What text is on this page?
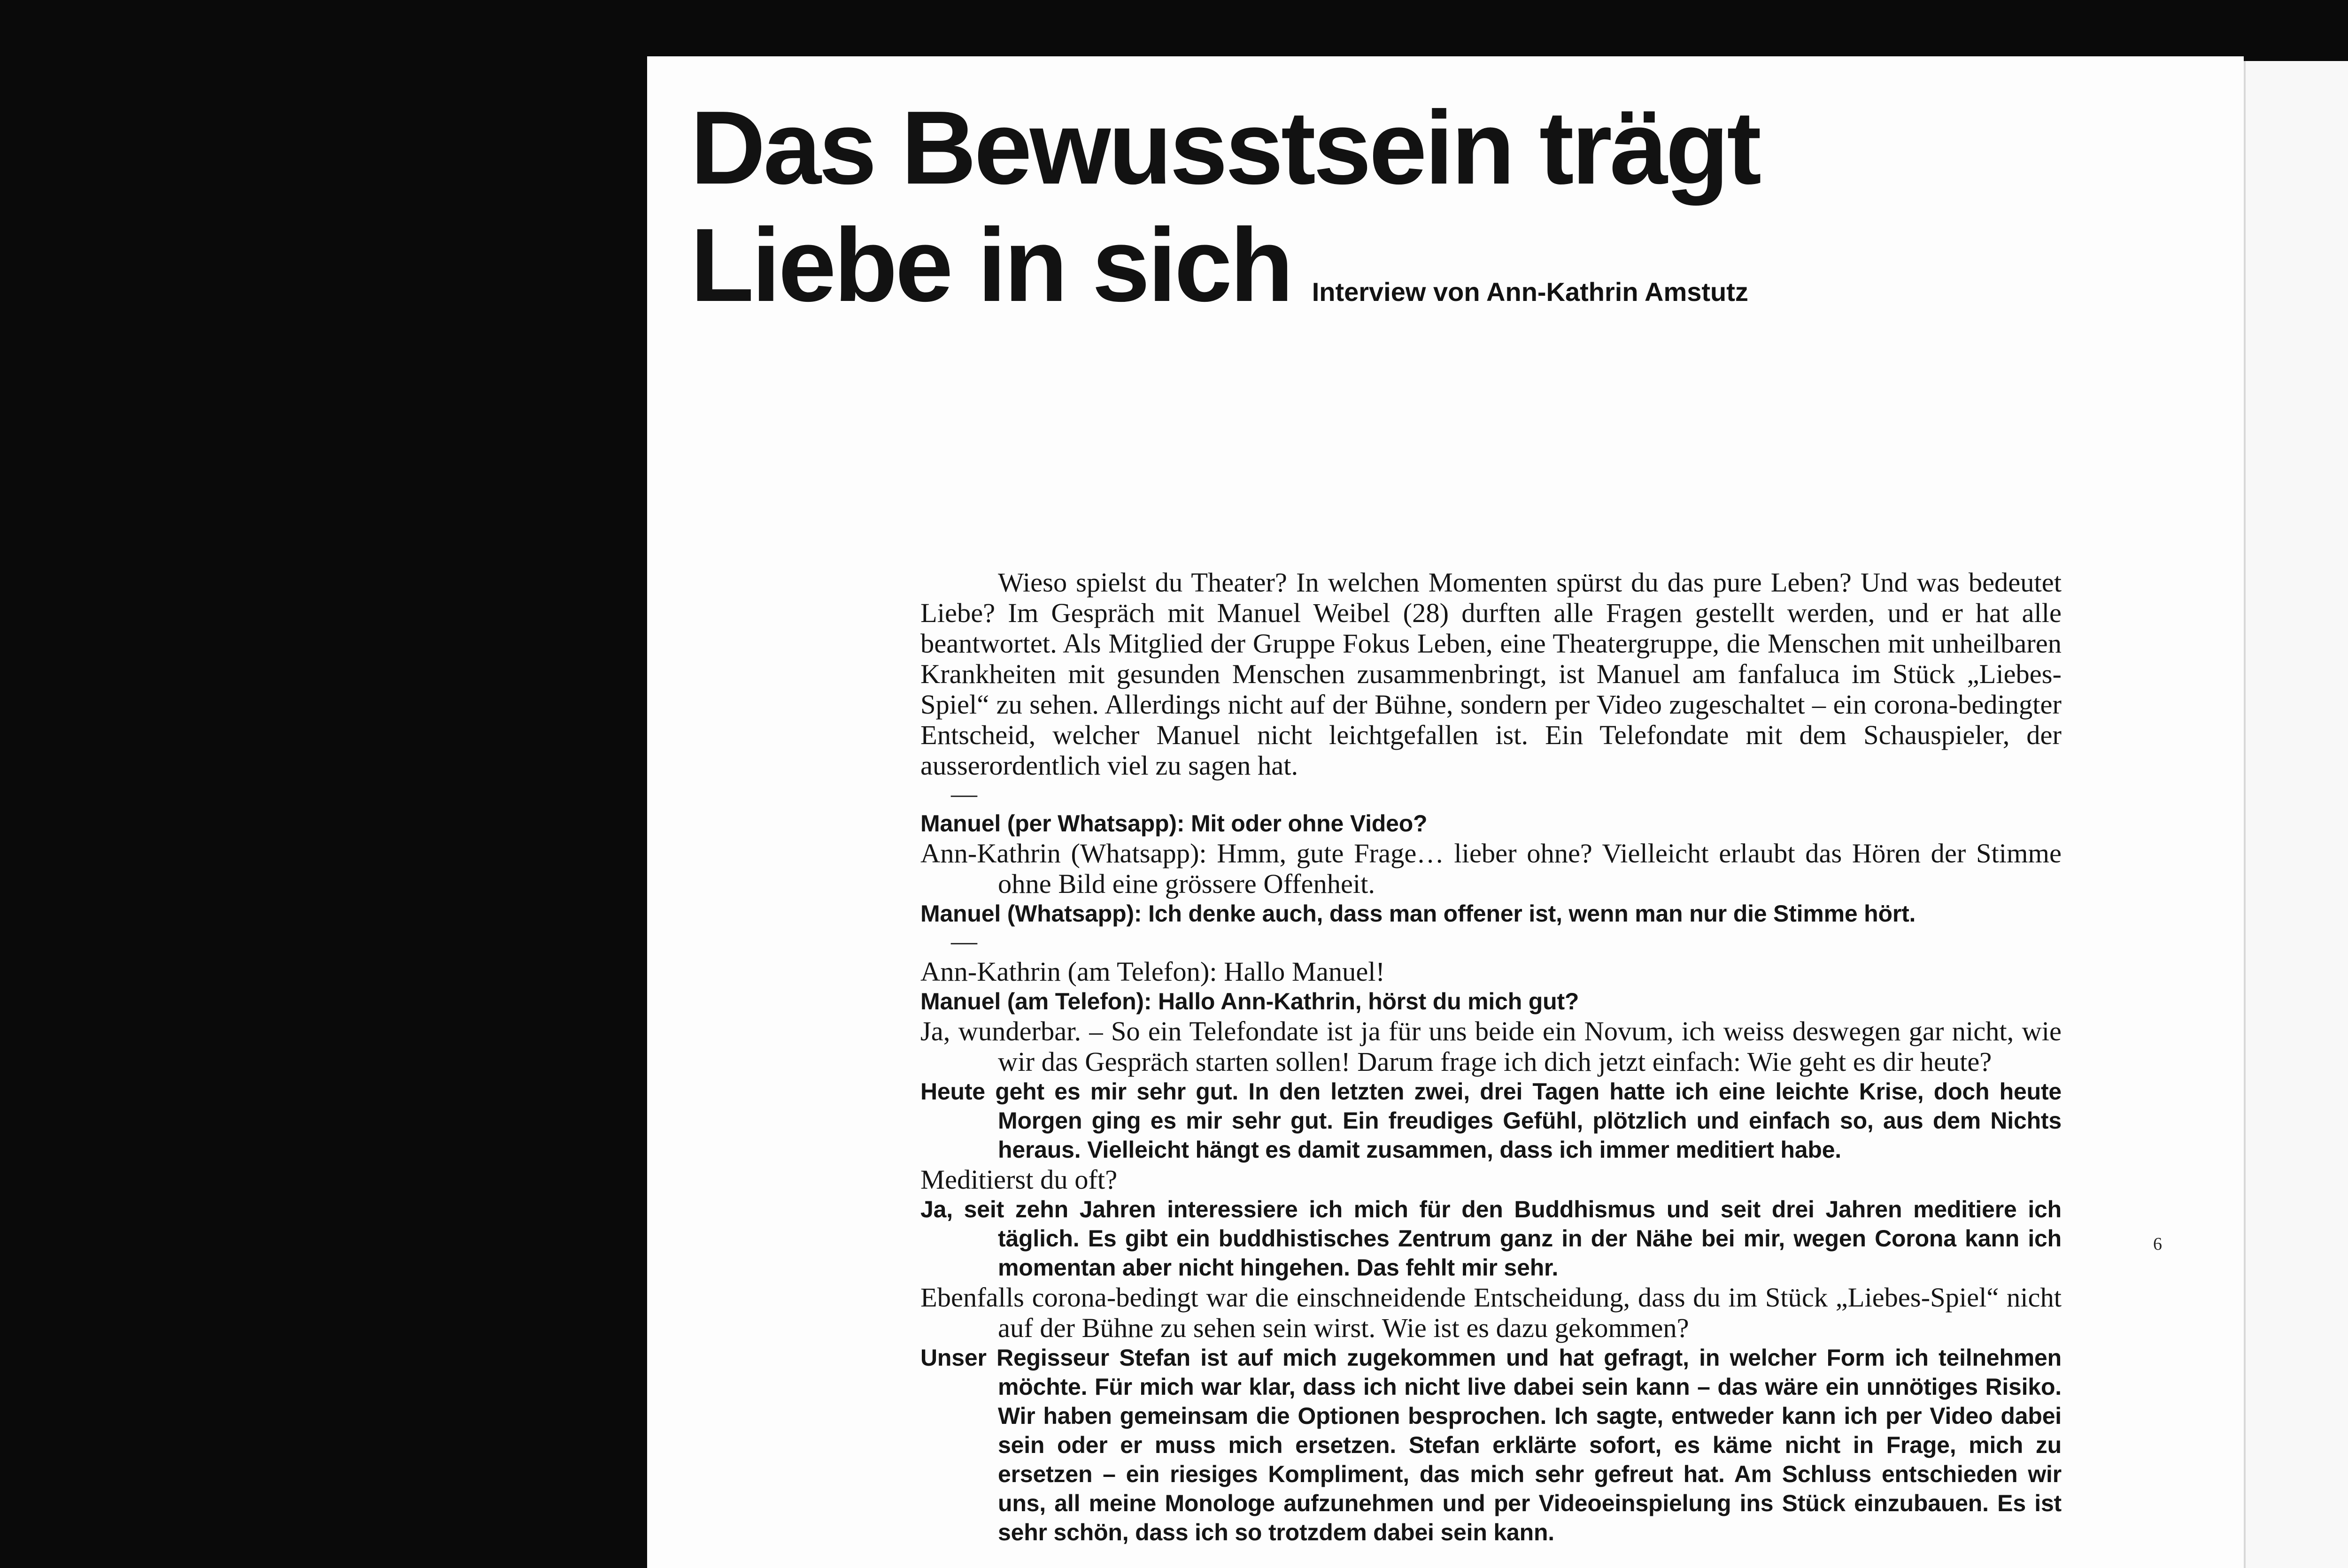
Das Bewusstsein trägt
Liebe in sich Interview von Ann-Kathrin Amstutz

Wieso spielst du Theater? In welchen Momenten spürst du das pure Leben? Und was bedeutet Liebe? Im Gespräch mit Manuel Weibel (28) durften alle Fragen gestellt werden, und er hat alle beantwortet. Als Mitglied der Gruppe Fokus Leben, eine Theatergruppe, die Menschen mit unheilbaren Krankheiten mit gesunden Menschen zusammenbringt, ist Manuel am fanfaluca im Stück „Liebes-Spiel“ zu sehen. Allerdings nicht auf der Bühne, sondern per Video zugeschaltet – ein corona-bedingter Entscheid, welcher Manuel nicht leichtgefallen ist. Ein Telefondate mit dem Schauspieler, der ausserordentlich viel zu sagen hat.

—

Manuel (per Whatsapp): Mit oder ohne Video?

Ann-Kathrin (Whatsapp): Hmm, gute Frage… lieber ohne? Vielleicht erlaubt das Hören der Stimme ohne Bild eine grössere Offenheit.

Manuel (Whatsapp): Ich denke auch, dass man offener ist, wenn man nur die Stimme hört.

—

Ann-Kathrin (am Telefon): Hallo Manuel!

Manuel (am Telefon): Hallo Ann-Kathrin, hörst du mich gut?

Ja, wunderbar. – So ein Telefondate ist ja für uns beide ein Novum, ich weiss deswegen gar nicht, wie wir das Gespräch starten sollen! Darum frage ich dich jetzt einfach: Wie geht es dir heute?

Heute geht es mir sehr gut. In den letzten zwei, drei Tagen hatte ich eine leichte Krise, doch heute Morgen ging es mir sehr gut. Ein freudiges Gefühl, plötzlich und einfach so, aus dem Nichts heraus. Vielleicht hängt es damit zusammen, dass ich immer meditiert habe.

Meditierst du oft?

Ja, seit zehn Jahren interessiere ich mich für den Buddhismus und seit drei Jahren meditiere ich täglich. Es gibt ein buddhistisches Zentrum ganz in der Nähe bei mir, wegen Corona kann ich momentan aber nicht hingehen. Das fehlt mir sehr.

Ebenfalls corona-bedingt war die einschneidende Entscheidung, dass du im Stück „Liebes-Spiel“ nicht auf der Bühne zu sehen sein wirst. Wie ist es dazu gekommen?

Unser Regisseur Stefan ist auf mich zugekommen und hat gefragt, in welcher Form ich teilnehmen möchte. Für mich war klar, dass ich nicht live dabei sein kann – das wäre ein unnötiges Risiko. Wir haben gemeinsam die Optionen besprochen. Ich sagte, entweder kann ich per Video dabei sein oder er muss mich ersetzen. Stefan erklärte sofort, es käme nicht in Frage, mich zu ersetzen – ein riesiges Kompliment, das mich sehr gefreut hat. Am Schluss entschieden wir uns, all meine Monologe aufzunehmen und per Videoeinspielung ins Stück einzubauen. Es ist sehr schön, dass ich so trotzdem dabei sein kann.

6
